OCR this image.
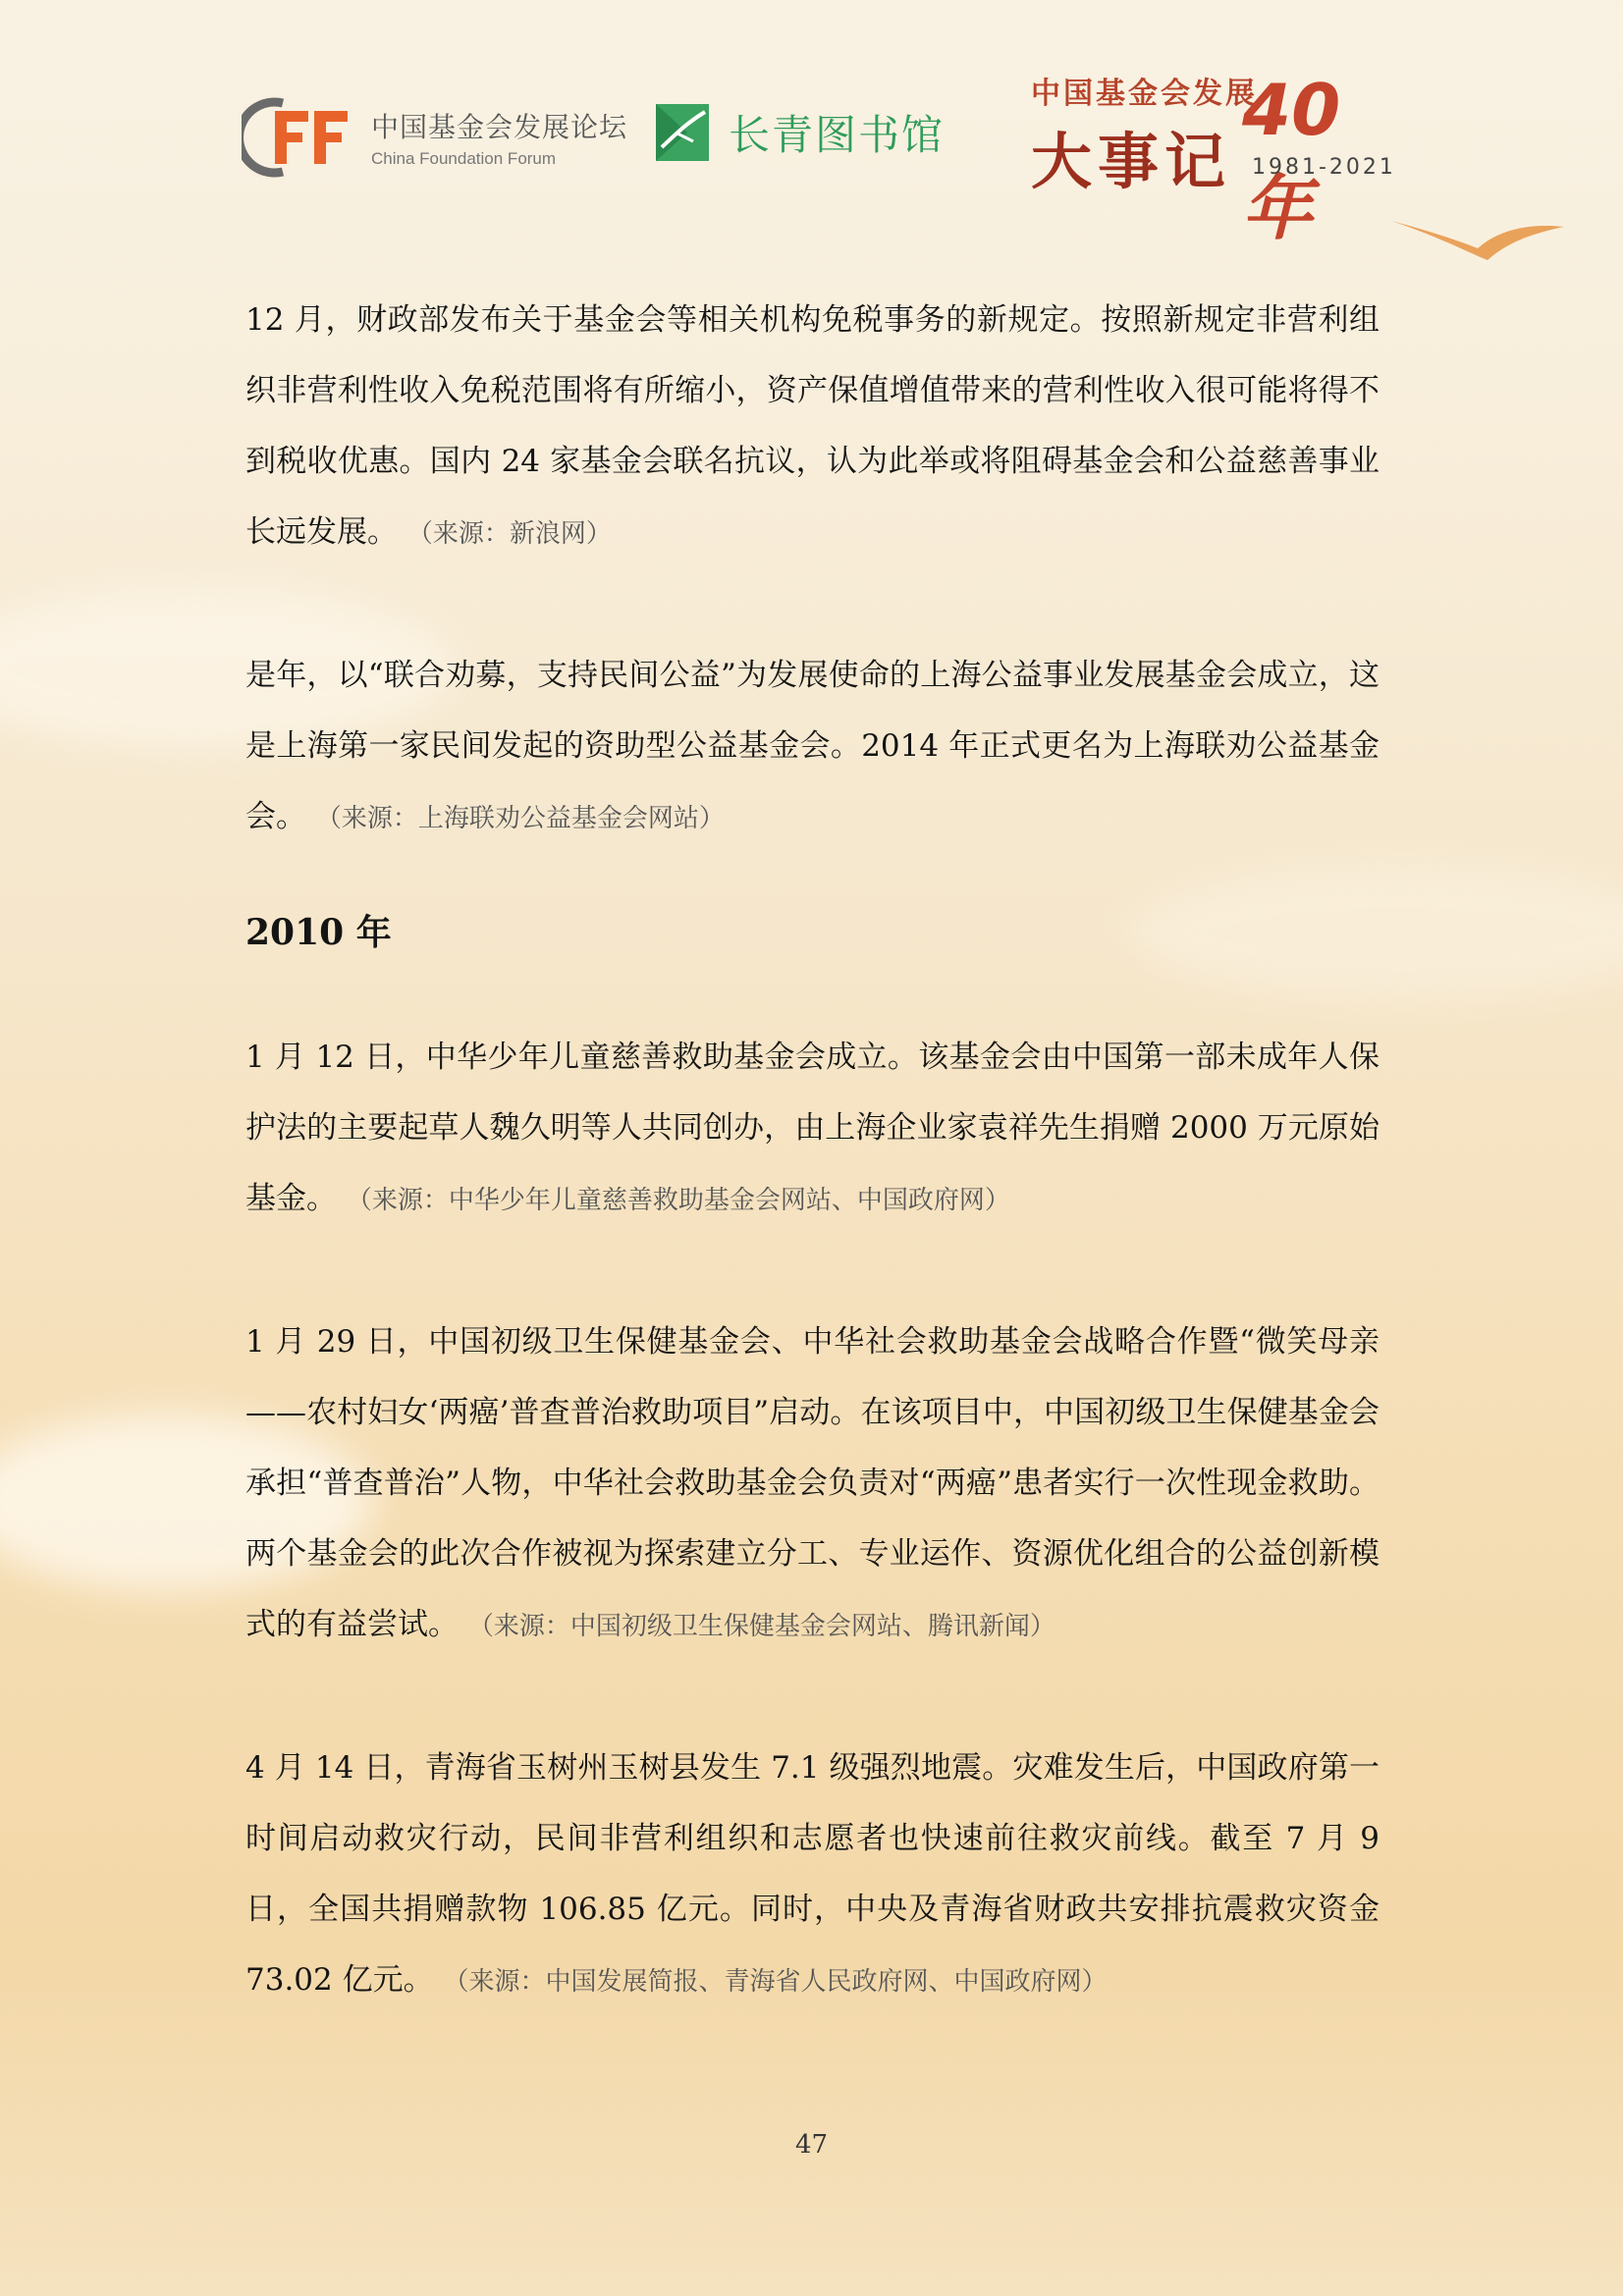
中国基金会发展论坛
China Foundation Forum	长青图书馆
中国基金会发展
大事记
40年
1981-2021

12 月，财政部发布关于基金会等相关机构免税事务的新规定。按照新规定非营利组织非营利性收入免税范围将有所缩小，资产保值增值带来的营利性收入很可能将得不到税收优惠。国内 24 家基金会联名抗议，认为此举或将阻碍基金会和公益慈善事业长远发展。 （来源：新浪网）

是年，以“联合劝募，支持民间公益”为发展使命的上海公益事业发展基金会成立，这是上海第一家民间发起的资助型公益基金会。2014 年正式更名为上海联劝公益基金会。 （来源：上海联劝公益基金会网站）

2010 年

1 月 12 日，中华少年儿童慈善救助基金会成立。该基金会由中国第一部未成年人保护法的主要起草人魏久明等人共同创办，由上海企业家袁祥先生捐赠 2000 万元原始基金。 （来源：中华少年儿童慈善救助基金会网站、中国政府网）

1 月 29 日，中国初级卫生保健基金会、中华社会救助基金会战略合作暨“微笑母亲——农村妇女‘两癌’普查普治救助项目”启动。在该项目中，中国初级卫生保健基金会承担“普查普治”人物，中华社会救助基金会负责对“两癌”患者实行一次性现金救助。两个基金会的此次合作被视为探索建立分工、专业运作、资源优化组合的公益创新模式的有益尝试。 （来源：中国初级卫生保健基金会网站、腾讯新闻）

4 月 14 日，青海省玉树州玉树县发生 7.1 级强烈地震。灾难发生后，中国政府第一时间启动救灾行动，民间非营利组织和志愿者也快速前往救灾前线。截至 7 月 9 日，全国共捐赠款物 106.85 亿元。同时，中央及青海省财政共安排抗震救灾资金 73.02 亿元。 （来源：中国发展简报、青海省人民政府网、中国政府网）

47
